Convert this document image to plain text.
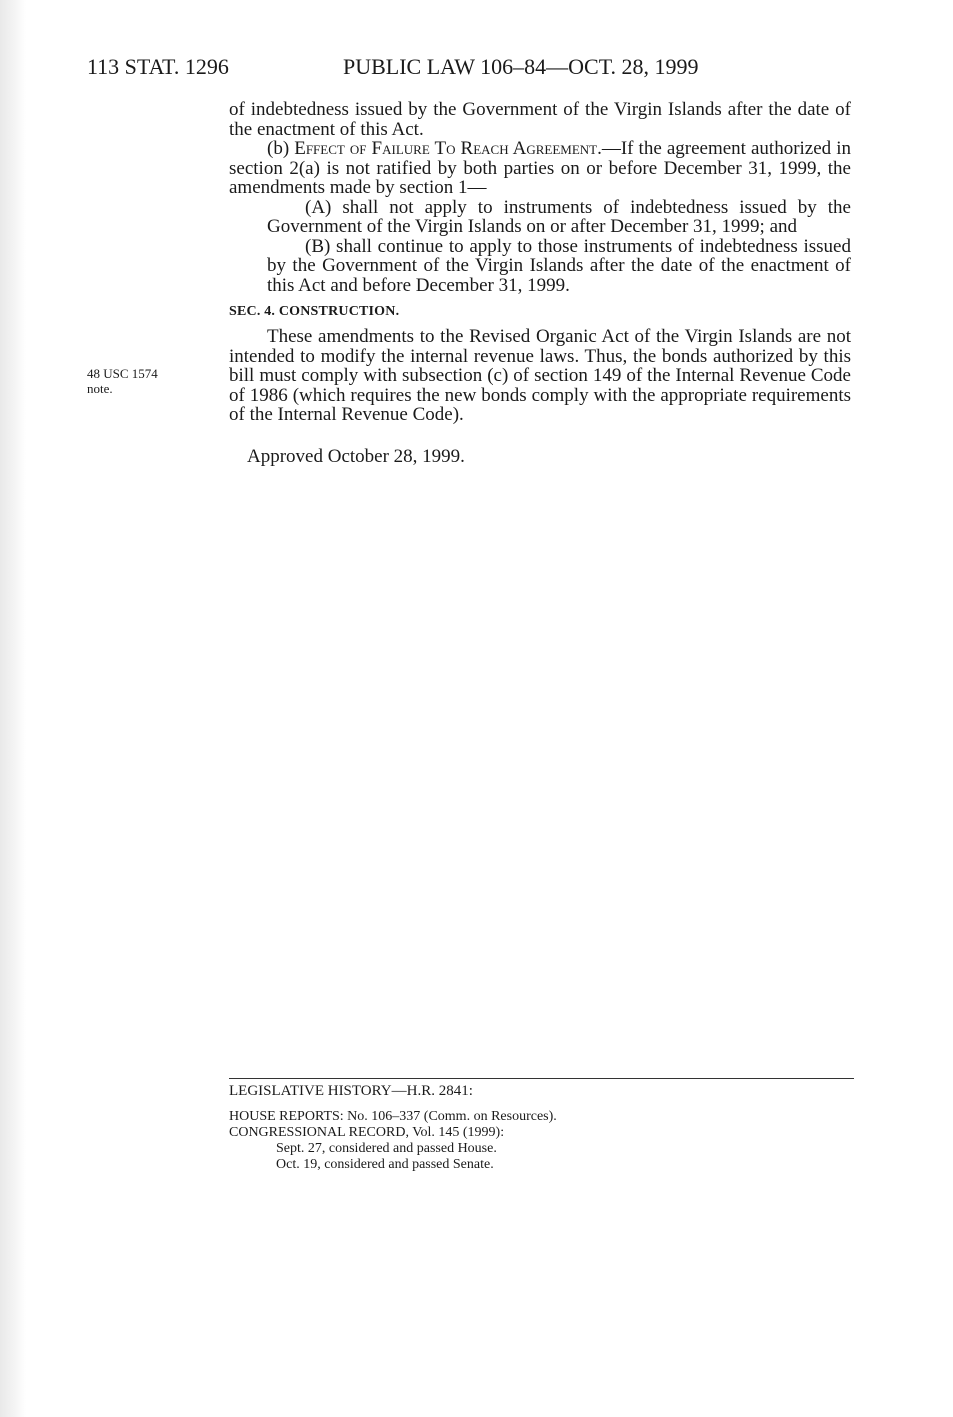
113 STAT. 1296	PUBLIC LAW 106–84—OCT. 28, 1999
48 USC 1574
note.

of indebtedness issued by the Government of the Virgin Islands after the date of the enactment of this Act.

(b) Effect of Failure To Reach Agreement.—If the agreement authorized in section 2(a) is not ratified by both parties on or before December 31, 1999, the amendments made by section 1—

(A) shall not apply to instruments of indebtedness issued by the Government of the Virgin Islands on or after December 31, 1999; and

(B) shall continue to apply to those instruments of indebtedness issued by the Government of the Virgin Islands after the date of the enactment of this Act and before December 31, 1999.

SEC. 4. CONSTRUCTION.

These amendments to the Revised Organic Act of the Virgin Islands are not intended to modify the internal revenue laws. Thus, the bonds authorized by this bill must comply with subsection (c) of section 149 of the Internal Revenue Code of 1986 (which requires the new bonds comply with the appropriate requirements of the Internal Revenue Code).

Approved October 28, 1999.

LEGISLATIVE HISTORY—H.R. 2841:

HOUSE REPORTS: No. 106–337 (Comm. on Resources).

CONGRESSIONAL RECORD, Vol. 145 (1999):

Sept. 27, considered and passed House.

Oct. 19, considered and passed Senate.
